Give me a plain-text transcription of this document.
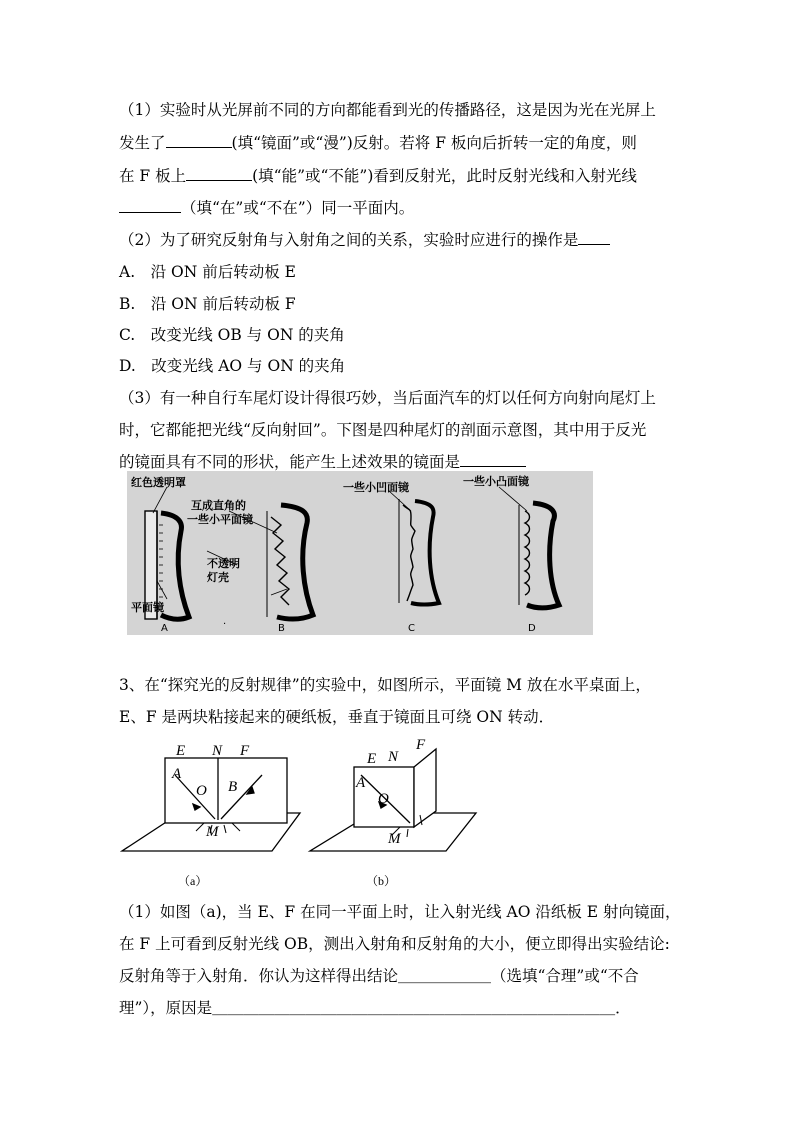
（1）实验时从光屏前不同的方向都能看到光的传播路径，这是因为光在光屏上
发生了	(填“镜面”或“漫”)反射。若将 F 板向后折转一定的角度，则
在 F 板上	(填“能”或“不能”)看到反射光，此时反射光线和入射光线
（填“在”或“不在”）同一平面内。
（2）为了研究反射角与入射角之间的关系，实验时应进行的操作是
A.　沿 ON 前后转动板 E
B.　沿 ON 前后转动板 F
C.　改变光线 OB 与 ON 的夹角
D.　改变光线 AO 与 ON 的夹角
（3）有一种自行车尾灯设计得很巧妙，当后面汽车的灯以任何方向射向尾灯上
时，它都能把光线“反向射回”。下图是四种尾灯的剖面示意图，其中用于反光
的镜面具有不同的形状，能产生上述效果的镜面是
红色透明罩
互成直角的
一些小平面镜
不透明
灯壳
平面镜
一些小凹面镜	一些小凸面镜
A	·	B	C	D
3、在“探究光的反射规律”的实验中，如图所示，平面镜 M 放在水平桌面上，
E、F 是两块粘接起来的硬纸板，垂直于镜面且可绕 ON 转动．
E N F
A
O B
M
E N
F
A
O
M
（a）	（b）
（1）如图（a)，当 E、F 在同一平面上时，让入射光线 AO 沿纸板 E 射向镜面，
在 F 上可看到反射光线 OB，测出入射角和反射角的大小，便立即得出实验结论:
反射角等于入射角．你认为这样得出结论＿＿＿＿＿＿（选填“合理”或“不合
理”），原因是＿＿＿＿＿＿＿＿＿＿＿＿＿＿＿＿＿＿＿＿＿＿＿＿＿＿．
